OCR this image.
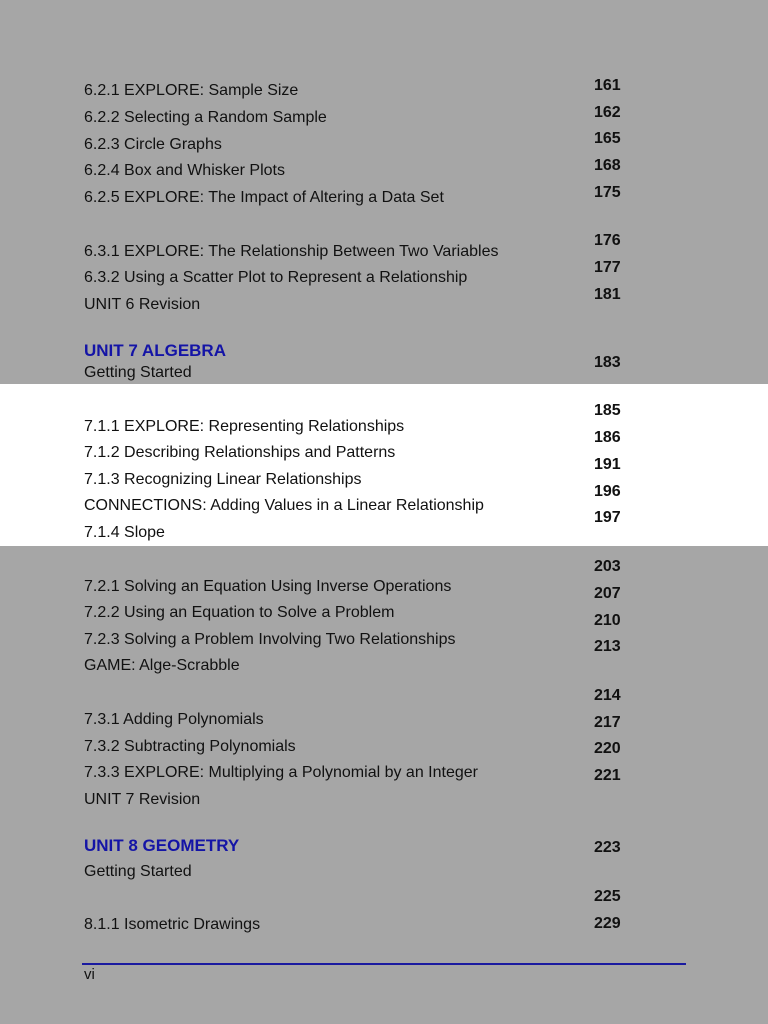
6.2.1 EXPLORE: Sample Size
6.2.2 Selecting a Random Sample
6.2.3 Circle Graphs
6.2.4 Box and Whisker Plots
6.2.5 EXPLORE: The Impact of Altering a Data Set
6.3.1 EXPLORE: The Relationship Between Two Variables
6.3.2 Using a Scatter Plot to Represent a Relationship
UNIT 6 Revision
UNIT 7 ALGEBRA
Getting Started
7.1.1 EXPLORE: Representing Relationships
7.1.2 Describing Relationships and Patterns
7.1.3 Recognizing Linear Relationships
CONNECTIONS: Adding Values in a Linear Relationship
7.1.4 Slope
7.2.1 Solving an Equation Using Inverse Operations
7.2.2 Using an Equation to Solve a Problem
7.2.3 Solving a Problem Involving Two Relationships
GAME: Alge-Scrabble
7.3.1 Adding Polynomials
7.3.2 Subtracting Polynomials
7.3.3 EXPLORE: Multiplying a Polynomial by an Integer
UNIT 7 Revision
UNIT 8 GEOMETRY
Getting Started
8.1.1 Isometric Drawings
161
162
165
168
175
176
177
181
183
185
186
191
196
197
203
207
210
213
214
217
220
221
223
225
229
vi
